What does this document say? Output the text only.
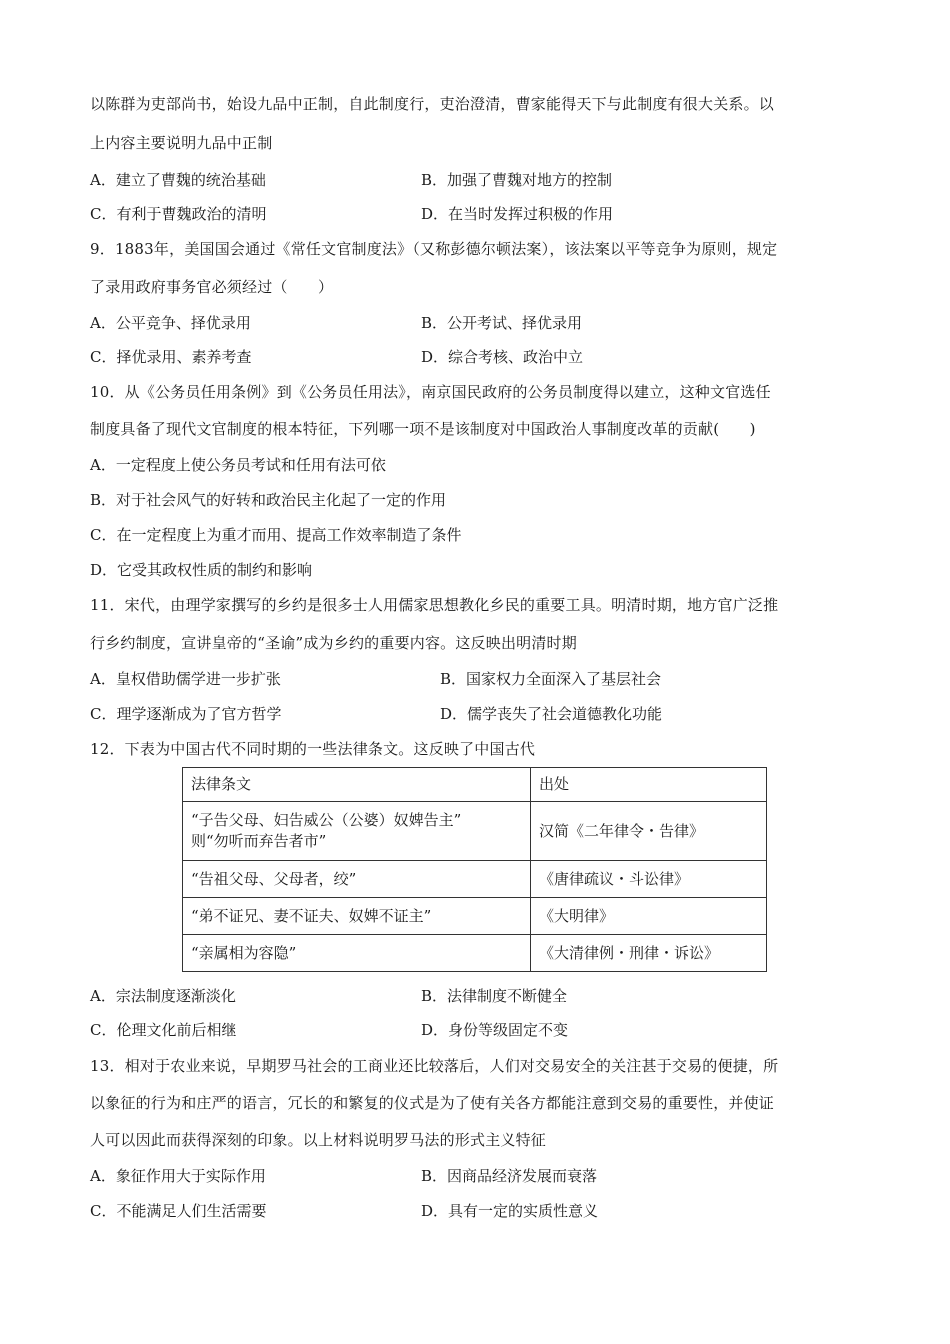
以陈群为吏部尚书，始设九品中正制，自此制度行，吏治澄清，曹家能得天下与此制度有很大关系。以
上内容主要说明九品中正制
A．建立了曹魏的统治基础	B．加强了曹魏对地方的控制
C．有利于曹魏政治的清明	D．在当时发挥过积极的作用
9．1883年，美国国会通过《常任文官制度法》（又称彭德尔顿法案），该法案以平等竞争为原则，规定
了录用政府事务官必须经过（　　）
A．公平竞争、择优录用	B．公开考试、择优录用
C．择优录用、素养考查	D．综合考核、政治中立
10．从《公务员任用条例》到《公务员任用法》，南京国民政府的公务员制度得以建立，这种文官选任
制度具备了现代文官制度的根本特征，下列哪一项不是该制度对中国政治人事制度改革的贡献(　　)
A．一定程度上使公务员考试和任用有法可依
B．对于社会风气的好转和政治民主化起了一定的作用
C．在一定程度上为重才而用、提高工作效率制造了条件
D．它受其政权性质的制约和影响
11．宋代，由理学家撰写的乡约是很多士人用儒家思想教化乡民的重要工具。明清时期，地方官广泛推
行乡约制度，宣讲皇帝的“圣谕”成为乡约的重要内容。这反映出明清时期
A．皇权借助儒学进一步扩张	B．国家权力全面深入了基层社会
C．理学逐渐成为了官方哲学	D．儒学丧失了社会道德教化功能
12．下表为中国古代不同时期的一些法律条文。这反映了中国古代
法律条文	出处

“子告父母、妇告威公（公婆）奴婢告主”
则“勿听而弃告者市”	汉简《二年律令・告律》
“告祖父母、父母者，绞”	《唐律疏议・斗讼律》
“弟不证兄、妻不证夫、奴婢不证主”	《大明律》
“亲属相为容隐”	《大清律例・刑律・诉讼》
A．宗法制度逐渐淡化	B．法律制度不断健全
C．伦理文化前后相继	D．身份等级固定不变
13．相对于农业来说，早期罗马社会的工商业还比较落后，人们对交易安全的关注甚于交易的便捷，所
以象征的行为和庄严的语言，冗长的和繁复的仪式是为了使有关各方都能注意到交易的重要性，并使证
人可以因此而获得深刻的印象。以上材料说明罗马法的形式主义特征
A．象征作用大于实际作用	B．因商品经济发展而衰落
C．不能满足人们生活需要	D．具有一定的实质性意义
